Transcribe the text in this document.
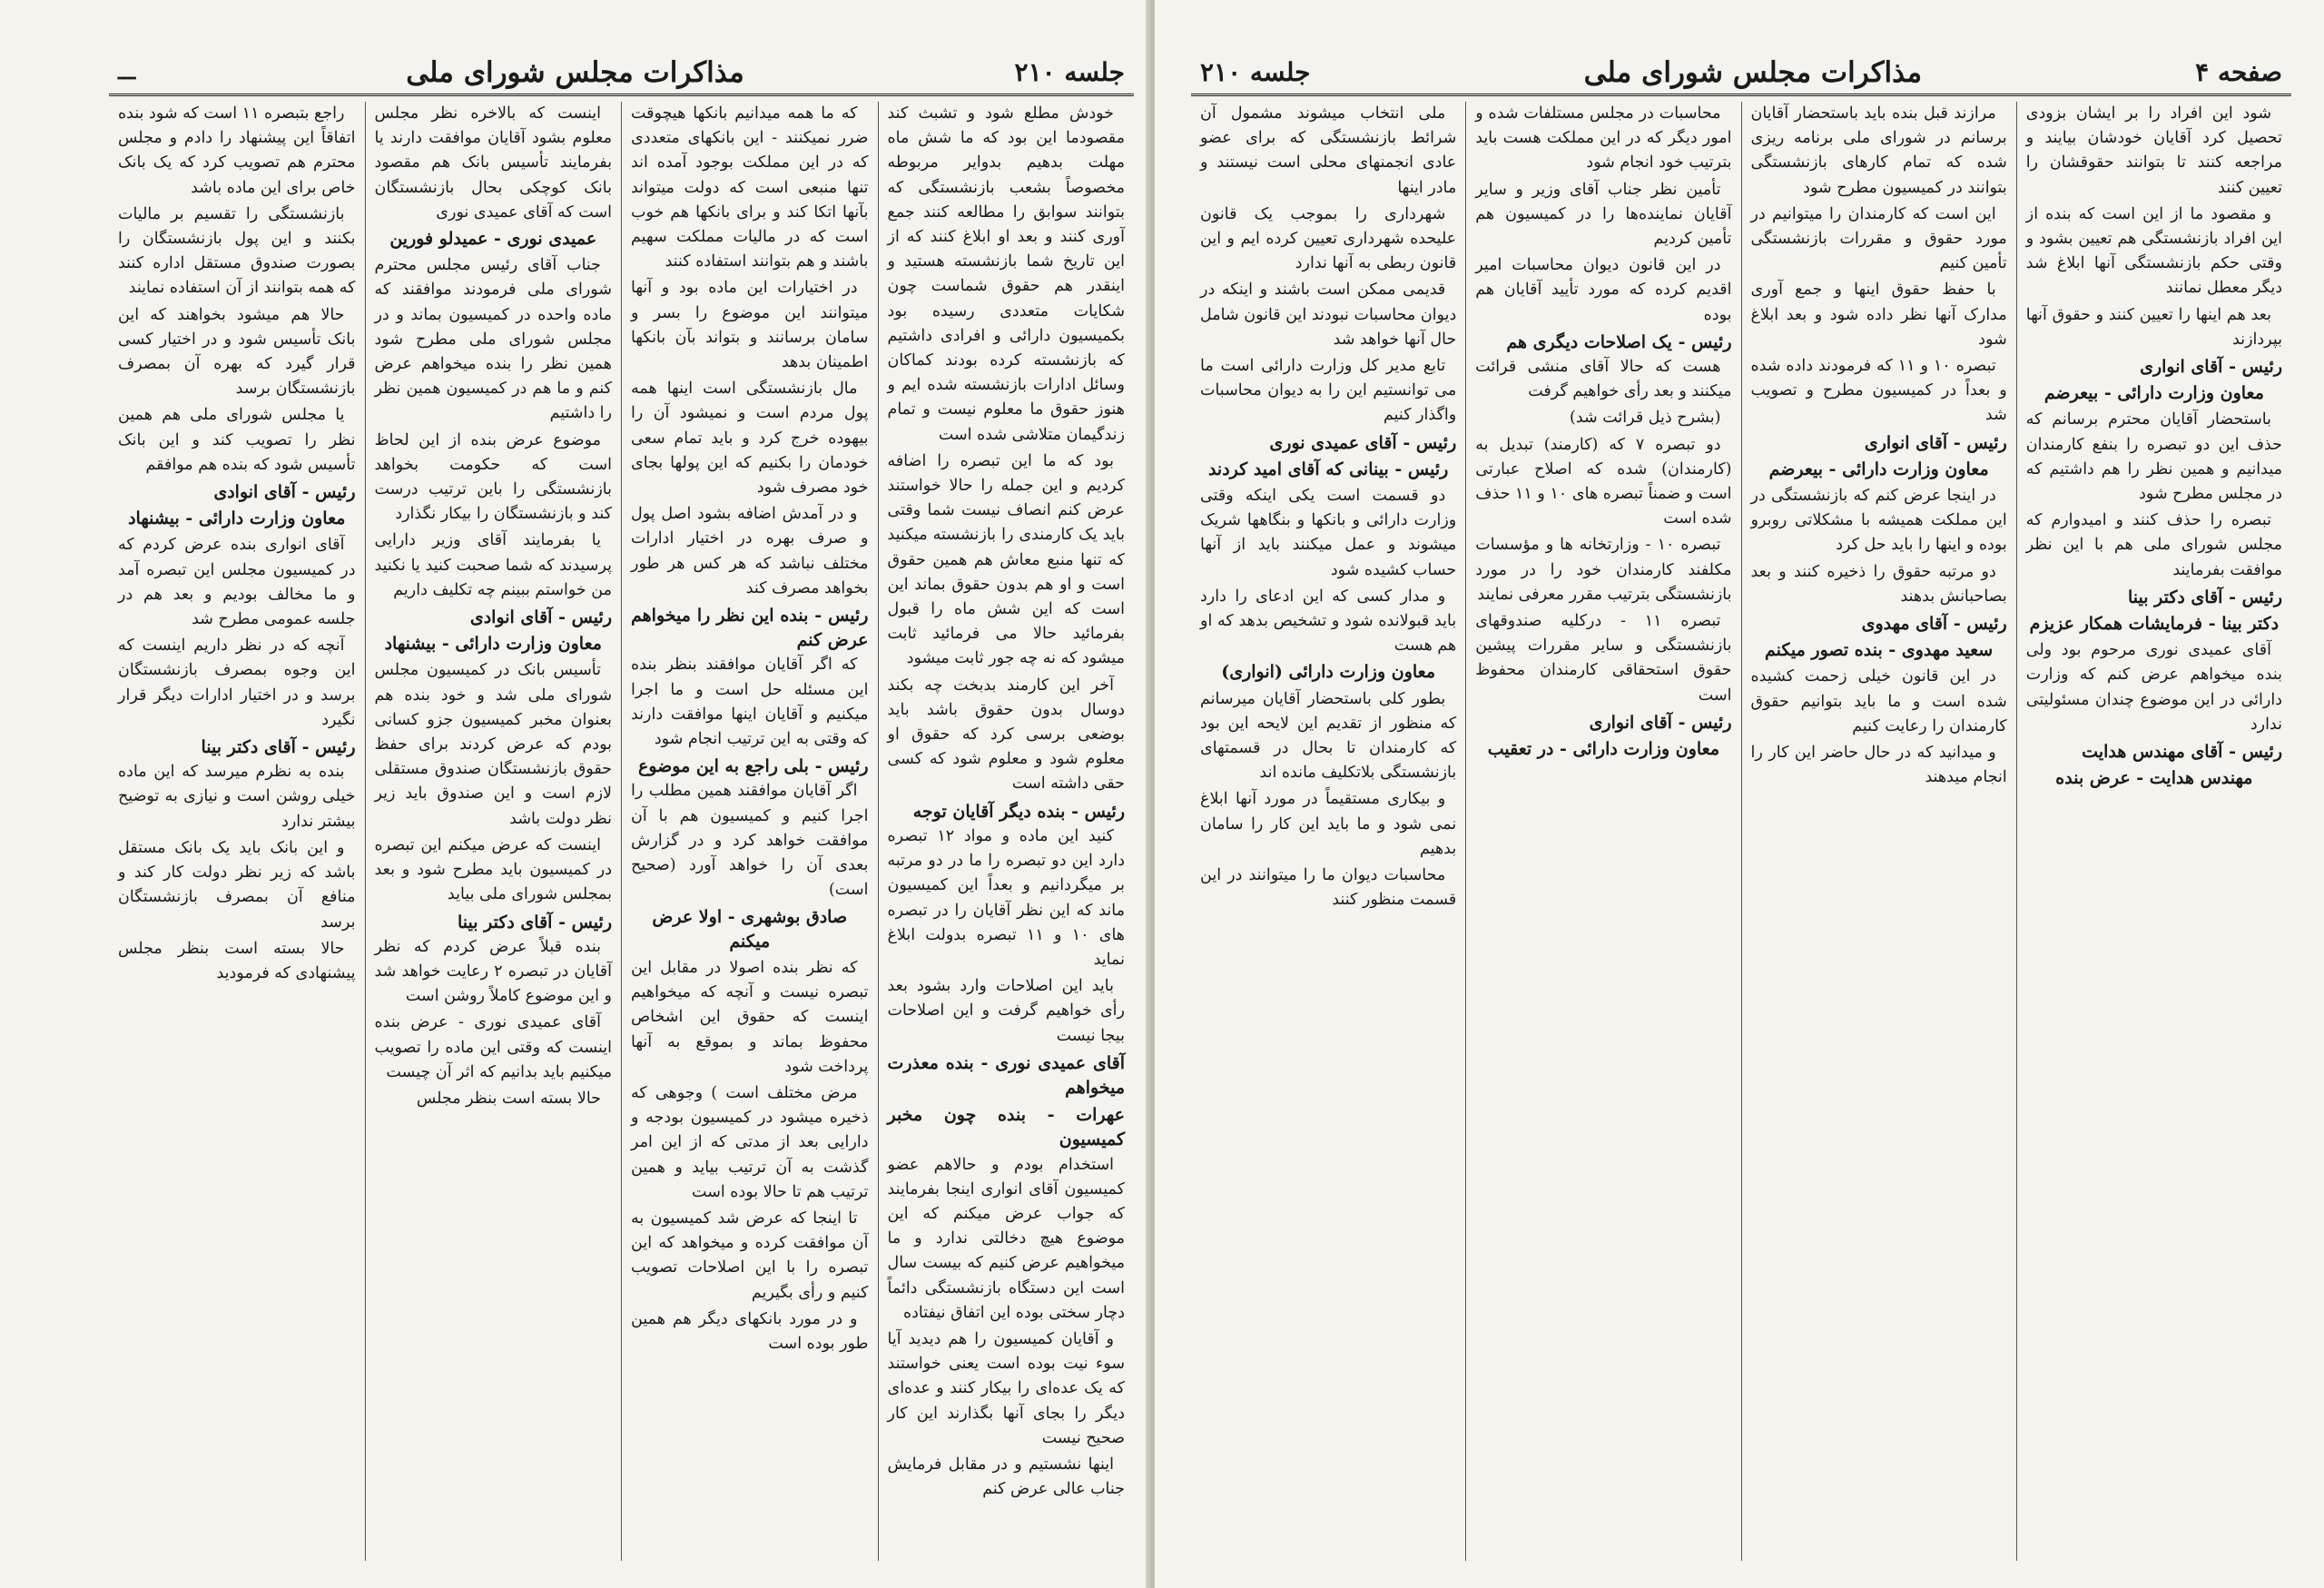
جلسه ۲۱۰
مذاکرات مجلس شورای ملی
ـــ

خودش مطلع شود و تشبث کند مقصودما این بود که ما شش ماه مهلت بدهیم بدوایر مربوطه مخصوصاً بشعب بازنشستگی که بتوانند سوابق را مطالعه کنند جمع آوری کنند و بعد او ابلاغ کنند که از این تاریخ شما بازنشسته هستید و اینقدر هم حقوق شماست چون شکایات متعددی رسیده بود بکمیسیون دارائی و افرادی داشتیم که بازنشسته کرده بودند کماکان وسائل ادارات بازنشسته شده ایم و هنوز حقوق ما معلوم نیست و تمام زندگیمان متلاشی شده است

بود که ما این تبصره را اضافه کردیم و این جمله را حالا خواستند عرض کنم انصاف نیست شما وقتی باید یک کارمندی را بازنشسته میکنید که تنها منبع معاش هم همین حقوق است و او هم بدون حقوق بماند این است که این شش ماه را قبول بفرمائید حالا می فرمائید ثابت میشود که نه چه جور ثابت میشود

آخر این کارمند بدبخت چه بکند دوسال بدون حقوق باشد باید بوضعی برسی کرد که حقوق او معلوم شود و معلوم شود که کسی حقی داشته است

رئیس - بنده دیگر آقایان توجه

کنید این ماده و مواد ۱۲ تبصره دارد این دو تبصره را ما در دو مرتبه بر میگردانیم و بعداً این کمیسیون ماند که این نظر آقایان را در تبصره های ۱۰ و ۱۱ تبصره بدولت ابلاغ نماید

باید این اصلاحات وارد بشود بعد رأی خواهیم گرفت و این اصلاحات بیجا نیست

آقای عمیدی نوری - بنده معذرت میخواهم
عهرات - بنده چون مخبر کمیسیون

استخدام بودم و حالاهم عضو کمیسیون آقای انواری اینجا بفرمایند که جواب عرض میکنم که این موضوع هیچ دخالتی ندارد و ما میخواهیم عرض کنیم که بیست سال است این دستگاه بازنشستگی دائماً دچار سختی بوده این اتفاق نیفتاده

و آقایان کمیسیون را هم دیدید آیا سوء نیت بوده است یعنی خواستند که یک عده‌ای را بیکار کنند و عده‌ای دیگر را بجای آنها بگذارند این کار صحیح نیست

اینها نشستیم و در مقابل فرمایش جناب عالی عرض کنم

که ما همه میدانیم بانکها هیچوقت ضرر نمیکنند - این بانکهای متعددی که در این مملکت بوجود آمده اند تنها منبعی است که دولت میتواند بآنها اتکا کند و برای بانکها هم خوب است که در مالیات مملکت سهیم باشند و هم بتوانند استفاده کنند

در اختیارات این ماده بود و آنها میتوانند این موضوع را بسر و سامان برسانند و بتواند بآن بانکها اطمینان بدهد

مال بازنشستگی است اینها همه پول مردم است و نمیشود آن را بیهوده خرج کرد و باید تمام سعی خودمان را بکنیم که این پولها بجای خود مصرف شود

و در آمدش اضافه بشود اصل پول و صرف بهره در اختیار ادارات مختلف نباشد که هر کس هر طور بخواهد مصرف کند

رئیس - بنده این نظر را میخواهم عرض کنم

که اگر آقایان موافقند بنظر بنده این مسئله حل است و ما اجرا میکنیم و آقایان اینها موافقت دارند که وقتی به این ترتیب انجام شود

رئیس - بلی راجع به این موضوع

اگر آقایان موافقند همین مطلب را اجرا کنیم و کمیسیون هم با آن موافقت خواهد کرد و در گزارش بعدی آن را خواهد آورد (صحیح است)

صادق بوشهری - اولا عرض میکنم

که نظر بنده اصولا در مقابل این تبصره نیست و آنچه که میخواهیم اینست که حقوق این اشخاص محفوظ بماند و بموقع به آنها پرداخت شود

مرض مختلف است ) وجوهی که ذخیره میشود در کمیسیون بودجه و دارایی بعد از مدتی که از این امر گذشت به آن ترتیب بیاید و همین ترتیب هم تا حالا بوده است

تا اینجا که عرض شد کمیسیون به آن موافقت کرده و میخواهد که این تبصره را با این اصلاحات تصویب کنیم و رأی بگیریم

و در مورد بانکهای دیگر هم همین طور بوده است

اینست که بالاخره نظر مجلس معلوم بشود آقایان موافقت دارند یا بفرمایند تأسیس بانک هم مقصود بانک کوچکی بحال بازنشستگان است که آقای عمیدی نوری

عمیدی نوری - عمیدلو فورین

جناب آقای رئیس مجلس محترم شورای ملی فرمودند موافقند که ماده واحده در کمیسیون بماند و در مجلس شورای ملی مطرح شود همین نظر را بنده میخواهم عرض کنم و ما هم در کمیسیون همین نظر را داشتیم

موضوع عرض بنده از این لحاظ است که حکومت بخواهد بازنشستگی را باین ترتیب درست کند و بازنشستگان را بیکار نگذارد

یا بفرمایند آقای وزیر دارایی پرسیدند که شما صحبت کنید یا نکنید من خواستم ببینم چه تکلیف داریم

رئیس - آقای انوادی
معاون وزارت دارائی - بیشنهاد

تأسیس بانک در کمیسیون مجلس شورای ملی شد و خود بنده هم بعنوان مخبر کمیسیون جزو کسانی بودم که عرض کردند برای حفظ حقوق بازنشستگان صندوق مستقلی لازم است و این صندوق باید زیر نظر دولت باشد

اینست که عرض میکنم این تبصره در کمیسیون باید مطرح شود و بعد بمجلس شورای ملی بیاید

رئیس - آقای دکتر بینا

بنده قبلاً عرض کردم که نظر آقایان در تبصره ۲ رعایت خواهد شد و این موضوع کاملاً روشن است

آقای عمیدی نوری - عرض بنده اینست که وقتی این ماده را تصویب میکنیم باید بدانیم که اثر آن چیست

حالا بسته است بنظر مجلس

راجع بتبصره ۱۱ است که شود بنده اتفاقاً این پیشنهاد را دادم و مجلس محترم هم تصویب کرد که یک بانک خاص برای این ماده باشد

بازنشستگی را تقسیم بر مالیات بکنند و این پول بازنشستگان را بصورت صندوق مستقل اداره کنند که همه بتوانند از آن استفاده نمایند

حالا هم میشود بخواهند که این بانک تأسیس شود و در اختیار کسی قرار گیرد که بهره آن بمصرف بازنشستگان برسد

یا مجلس شورای ملی هم همین نظر را تصویب کند و این بانک تأسیس شود که بنده هم موافقم

رئیس - آقای انوادی
معاون وزارت دارائی - بیشنهاد

آقای انواری بنده عرض کردم که در کمیسیون مجلس این تبصره آمد و ما مخالف بودیم و بعد هم در جلسه عمومی مطرح شد

آنچه که در نظر داریم اینست که این وجوه بمصرف بازنشستگان برسد و در اختیار ادارات دیگر قرار نگیرد

رئیس - آقای دکتر بینا

بنده به نظرم میرسد که این ماده خیلی روشن است و نیازی به توضیح بیشتر ندارد

و این بانک باید یک بانک مستقل باشد که زیر نظر دولت کار کند و منافع آن بمصرف بازنشستگان برسد

حالا بسته است بنظر مجلس پیشنهادی که فرمودید

صفحه ۴
مذاکرات مجلس شورای ملی
جلسه ۲۱۰

شود این افراد را بر ایشان بزودی تحصیل کرد آقایان خودشان بیایند و مراجعه کنند تا بتوانند حقوقشان را تعیین کنند

و مقصود ما از این است که بنده از این افراد بازنشستگی هم تعیین بشود و وقتی حکم بازنشستگی آنها ابلاغ شد دیگر معطل نمانند

بعد هم اینها را تعیین کنند و حقوق آنها بپردازند

رئیس - آقای انواری
معاون وزارت دارائی - بیعرضم

باستحضار آقایان محترم برسانم که حذف این دو تبصره را بنفع کارمندان میدانیم و همین نظر را هم داشتیم که در مجلس مطرح شود

تبصره را حذف کنند و امیدوارم که مجلس شورای ملی هم با این نظر موافقت بفرمایند

رئیس - آقای دکتر بینا
دکتر بینا - فرمایشات همکار عزیزم

آقای عمیدی نوری مرحوم بود ولی بنده میخواهم عرض کنم که وزارت دارائی در این موضوع چندان مسئولیتی ندارد

رئیس - آقای مهندس هدایت
مهندس هدایت - عرض بنده

مرازند قبل بنده باید باستحضار آقایان برسانم در شورای ملی برنامه ریزی شده که تمام کارهای بازنشستگی بتوانند در کمیسیون مطرح شود

این است که کارمندان را میتوانیم در مورد حقوق و مقررات بازنشستگی تأمین کنیم

با حفظ حقوق اینها و جمع آوری مدارک آنها نظر داده شود و بعد ابلاغ شود

تبصره ۱۰ و ۱۱ که فرمودند داده شده و بعداً در کمیسیون مطرح و تصویب شد

رئیس - آقای انواری
معاون وزارت دارائی - بیعرضم

در اینجا عرض کنم که بازنشستگی در این مملکت همیشه با مشکلاتی روبرو بوده و اینها را باید حل کرد

دو مرتبه حقوق را ذخیره کنند و بعد بصاحبانش بدهند

رئیس - آقای مهدوی
سعید مهدوی - بنده تصور میکنم

در این قانون خیلی زحمت کشیده شده است و ما باید بتوانیم حقوق کارمندان را رعایت کنیم

و میدانید که در حال حاضر این کار را انجام میدهند

محاسبات در مجلس مستلفات شده و امور دیگر که در این مملکت هست باید بترتیب خود انجام شود

تأمین نظر جناب آقای وزیر و سایر آقایان نماینده‌ها را در کمیسیون هم تأمین کردیم

در این قانون دیوان محاسبات امیر اقدیم کرده که مورد تأیید آقایان هم بوده

رئیس - یک اصلاحات دیگری هم

هست که حالا آقای منشی قرائت میکنند و بعد رأی خواهیم گرفت

(بشرح ذیل قرائت شد)

دو تبصره ۷ که (کارمند) تبدیل به (کارمندان) شده که اصلاح عبارتی است و ضمناً تبصره های ۱۰ و ۱۱ حذف شده است

تبصره ۱۰ - وزارتخانه ها و مؤسسات مکلفند کارمندان خود را در مورد بازنشستگی بترتیب مقرر معرفی نمایند

تبصره ۱۱ - درکلیه صندوقهای بازنشستگی و سایر مقررات پیشین حقوق استحقاقی کارمندان محفوظ است

رئیس - آقای انواری
معاون وزارت دارائی - در تعقیب

ملی انتخاب میشوند مشمول آن شرائط بازنشستگی که برای عضو عادی انجمنهای محلی است نیستند و مادر اینها

شهرداری را بموجب یک قانون علیحده شهرداری تعیین کرده ایم و این قانون ربطی به آنها ندارد

قدیمی ممکن است باشند و اینکه در دیوان محاسبات نبودند این قانون شامل حال آنها خواهد شد

تابع مدیر کل وزارت دارائی است ما می توانستیم این را به دیوان محاسبات واگذار کنیم

رئیس - آقای عمیدی نوری
رئیس - بینانی که آقای امید کردند

دو قسمت است یکی اینکه وقتی وزارت دارائی و بانکها و بنگاهها شریک میشوند و عمل میکنند باید از آنها حساب کشیده شود

و مدار کسی که این ادعای را دارد باید قبولانده شود و تشخیص بدهد که او هم هست

معاون وزارت دارائی (انواری)

بطور کلی باستحضار آقایان میرسانم که منظور از تقدیم این لایحه این بود که کارمندان تا بحال در قسمتهای بازنشستگی بلاتکلیف مانده اند

و بیکاری مستقیماً در مورد آنها ابلاغ نمی شود و ما باید این کار را سامان بدهیم

محاسبات دیوان ما را میتوانند در این قسمت منظور کنند
